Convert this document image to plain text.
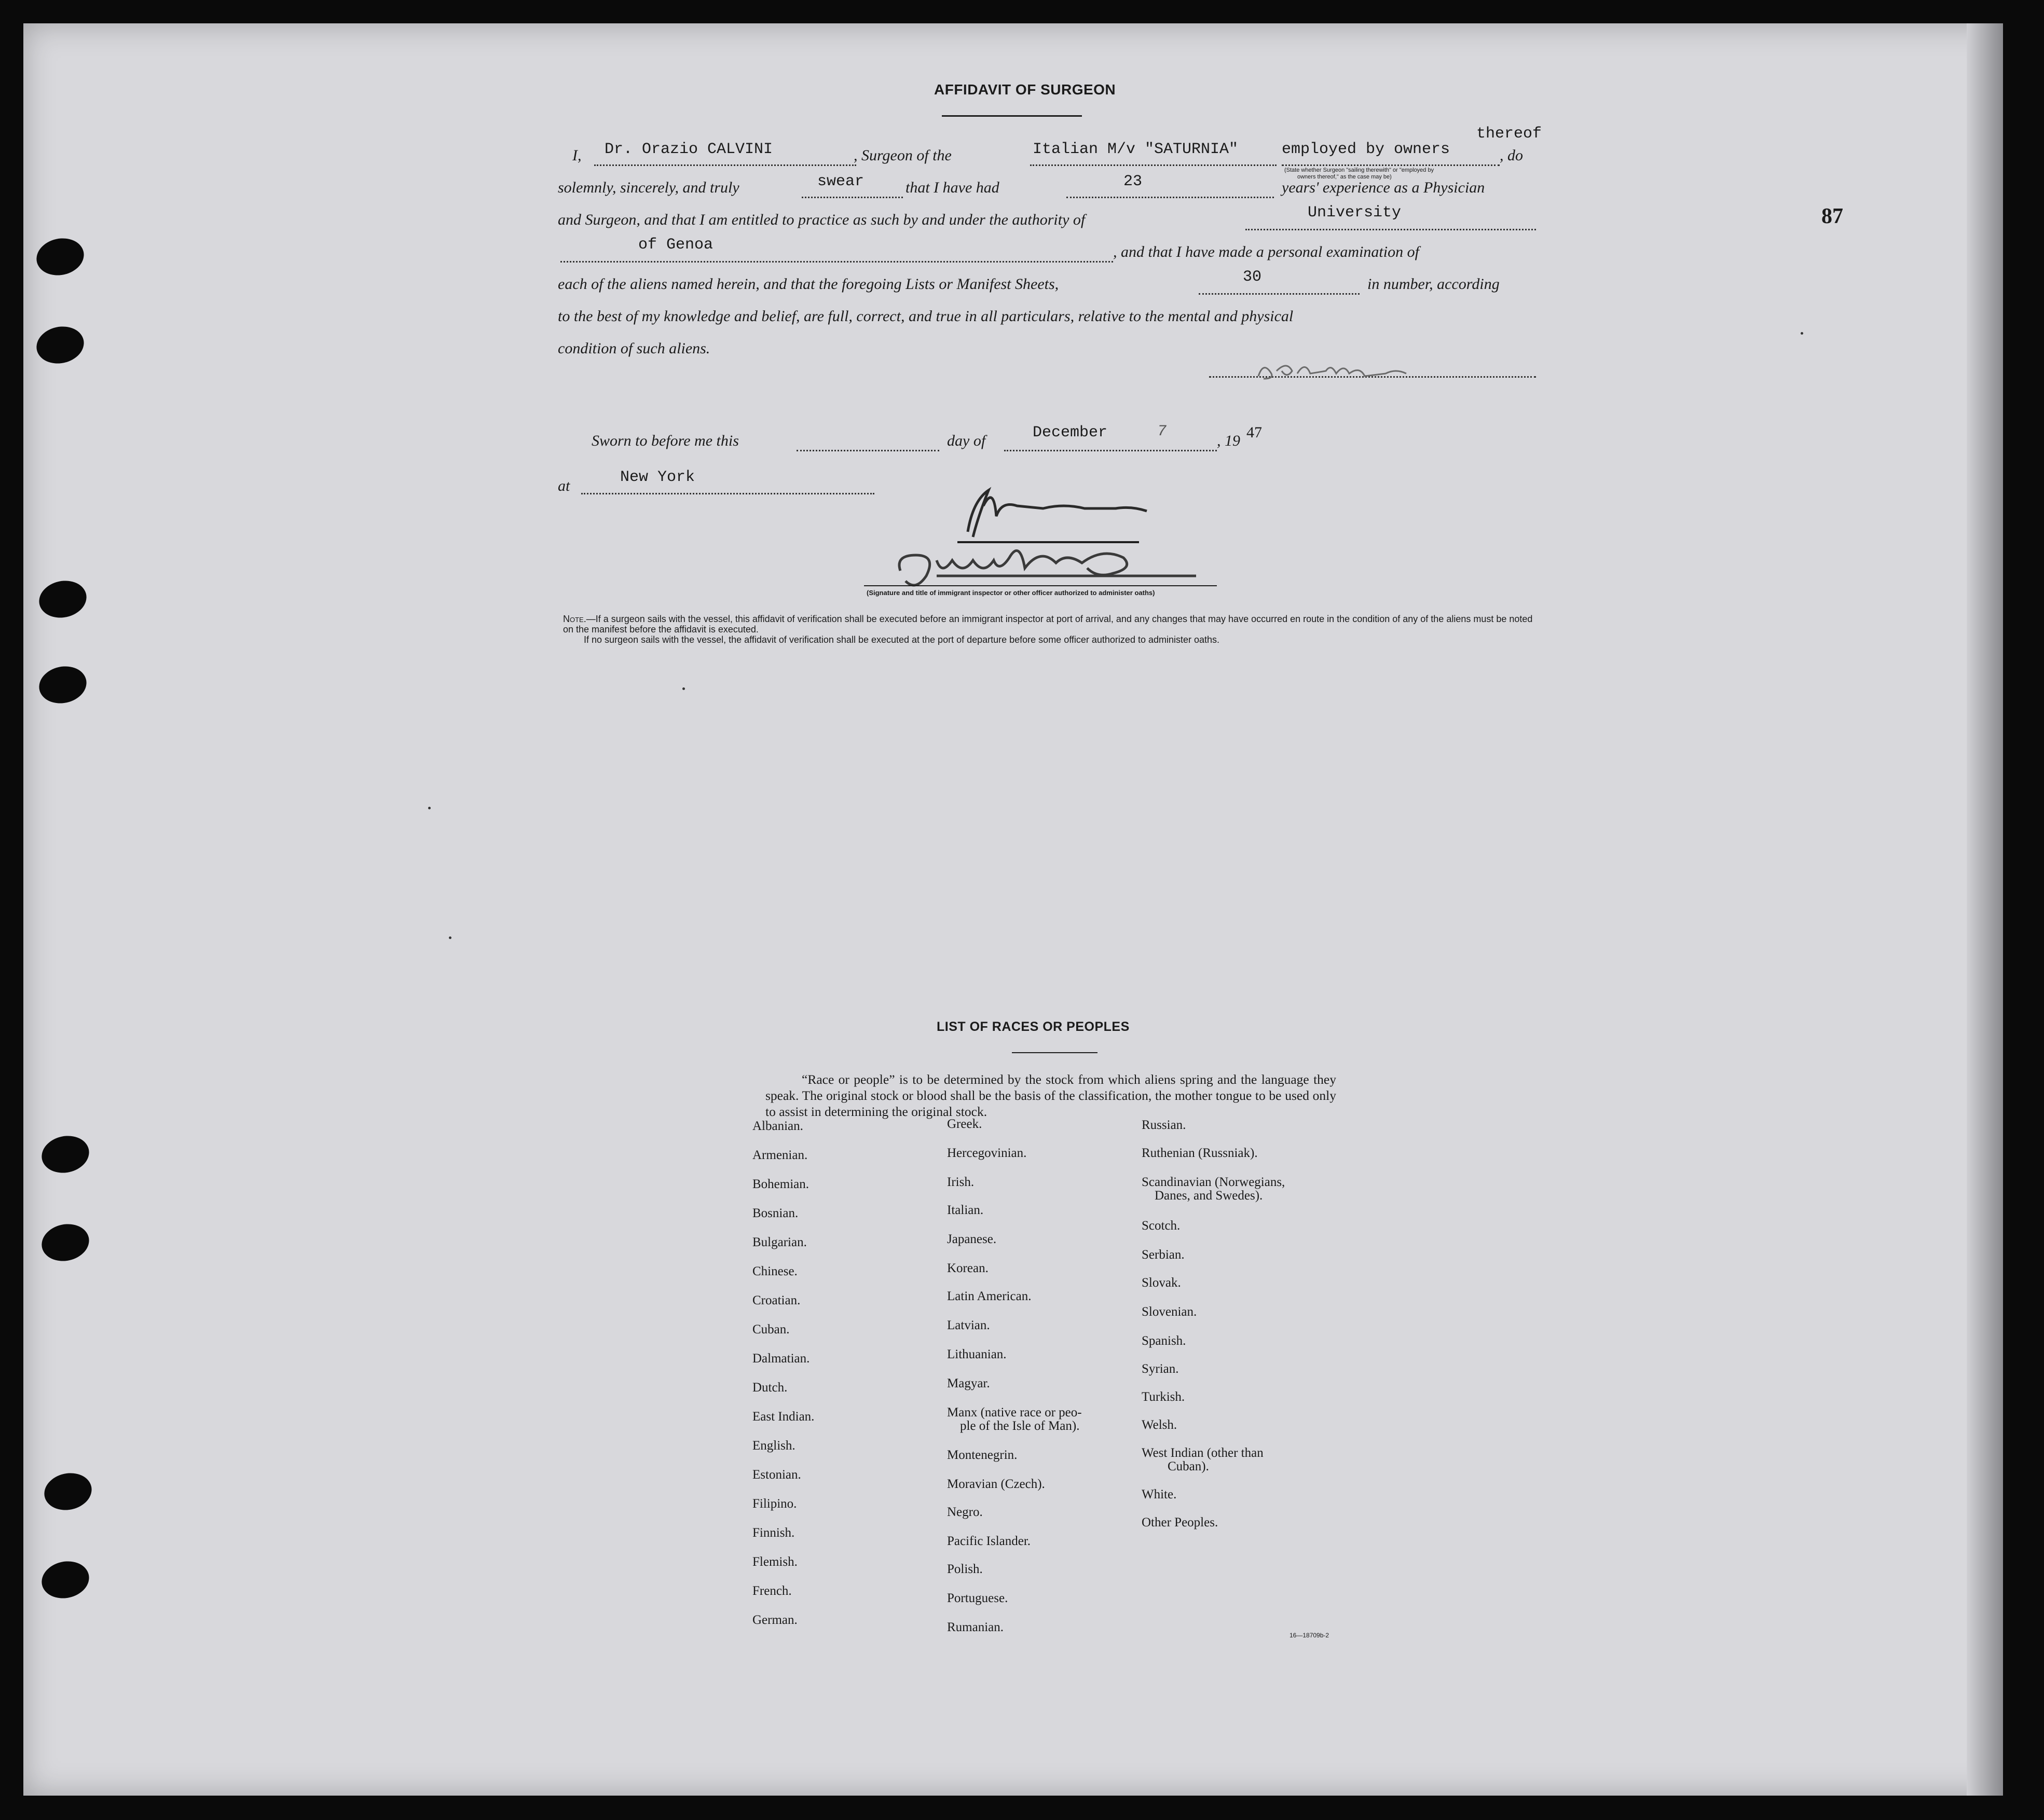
87
AFFIDAVIT OF SURGEON
I, Dr. Orazio CALVINI	, Surgeon of the	Italian M/v "SATURNIA"	employed by owners
thereof
, do
(State whether Surgeon "sailing therewith" or "employed by
owners thereof," as the case may be)
solemnly, sincerely, and truly	swear	that I have had	23	years' experience as a Physician
and Surgeon, and that I am entitled to practice as such by and under the authority of	University
of Genoa	, and that I have made a personal examination of
each of the aliens named herein, and that the foregoing Lists or Manifest Sheets,	30	in number, according
to the best of my knowledge and belief, are full, correct, and true in all particulars, relative to the mental and physical
condition of such aliens.
Sworn to before me this	day of	December	7
, 19 47
at	New York
(Signature and title of immigrant inspector or other officer authorized to administer oaths)
Note.—If a surgeon sails with the vessel, this affidavit of verification shall be executed before an immigrant inspector at port of arrival, and any changes that may have occurred en route in the condition of any of the aliens must be noted on the manifest before the affidavit is executed.
If no surgeon sails with the vessel, the affidavit of verification shall be executed at the port of departure before some officer authorized to administer oaths.
LIST OF RACES OR PEOPLES
“Race or people” is to be determined by the stock from which aliens spring and the language they speak. The original stock or blood shall be the basis of the classification, the mother tongue to be used only to assist in determining the original stock.
16—18709b-2
Albanian.
Armenian.
Bohemian.
Bosnian.
Bulgarian.
Chinese.
Croatian.
Cuban.
Dalmatian.
Dutch.
East Indian.
English.
Estonian.
Filipino.
Finnish.
Flemish.
French.
German.
Greek.
Hercegovinian.
Irish.
Italian.
Japanese.
Korean.
Latin American.
Latvian.
Lithuanian.
Magyar.
Manx (native race or peo-
ple of the Isle of Man).
Montenegrin.
Moravian (Czech).
Negro.
Pacific Islander.
Polish.
Portuguese.
Rumanian.
Russian.
Ruthenian (Russniak).
Scandinavian (Norwegians,
Danes, and Swedes).
Scotch.
Serbian.
Slovak.
Slovenian.
Spanish.
Syrian.
Turkish.
Welsh.
West Indian (other than
Cuban).
White.
Other Peoples.
